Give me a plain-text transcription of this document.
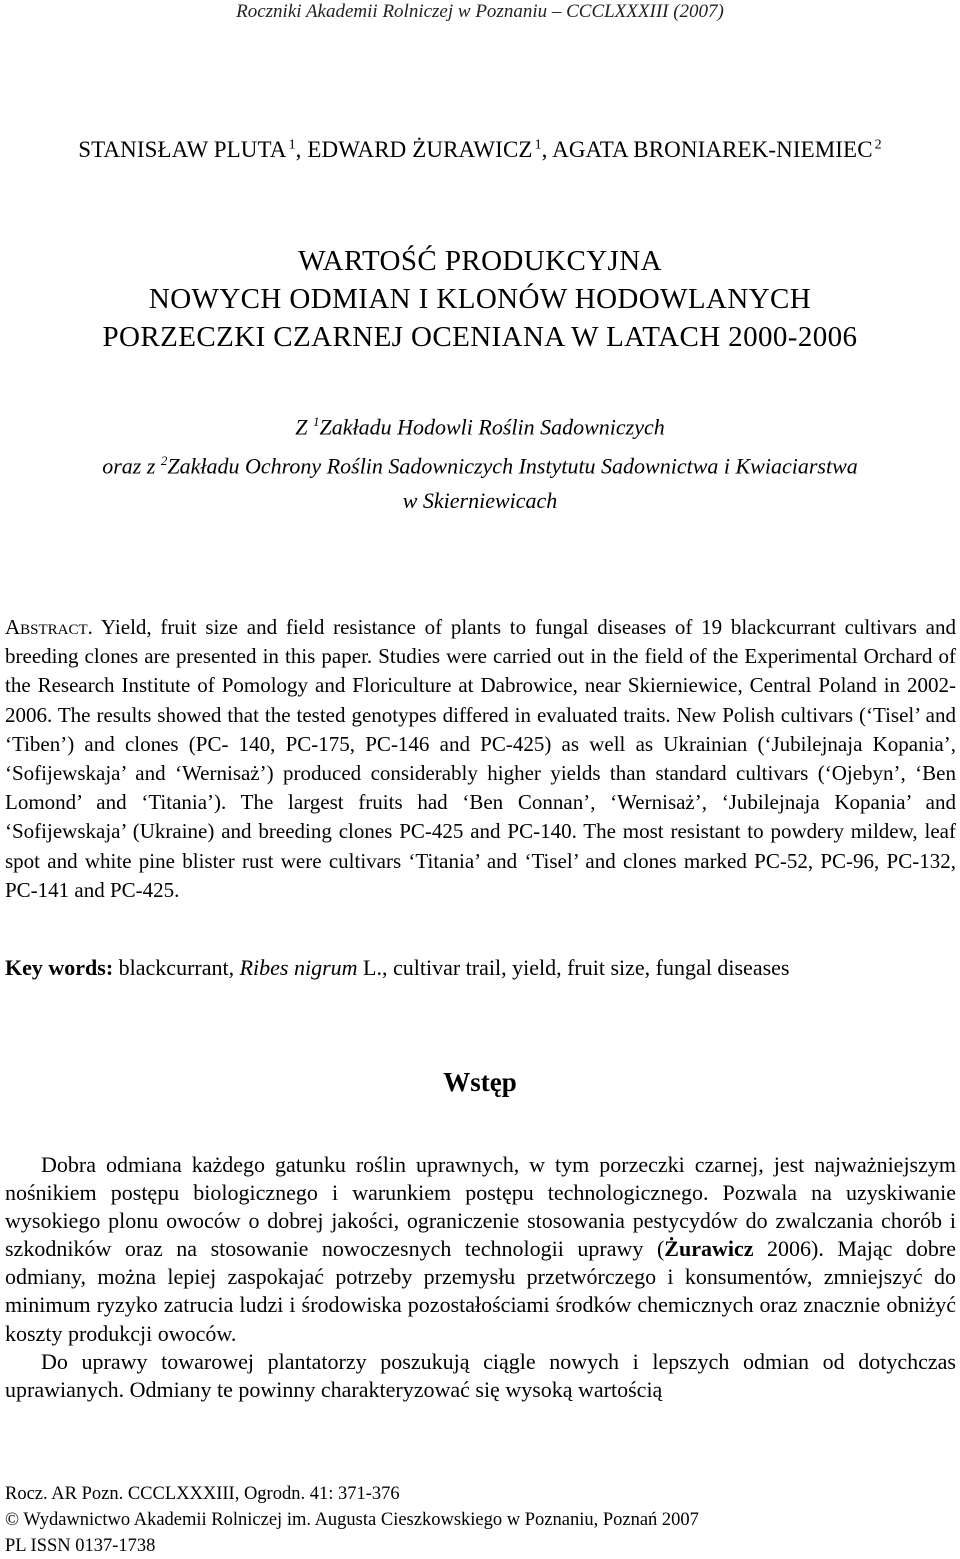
Roczniki Akademii Rolniczej w Poznaniu – CCCLXXXIII (2007)
STANISŁAW PLUTA  $^1$, EDWARD ŻURAWICZ  $^1$, AGATA BRONIAREK-NIEMIEC  $^2$
WARTOŚĆ PRODUKCYJNA
NOWYCH ODMIAN I KLONÓW HODOWLANYCH
PORZECZKI CZARNEJ OCENIANA W LATACH 2000-2006
Z $^1$Zakładu Hodowli Roślin Sadowniczych
oraz z $^2$Zakładu Ochrony Roślin Sadowniczych Instytutu Sadownictwa i Kwiaciarstwa
w Skierniewicach
Abstract. Yield, fruit size and field resistance of plants to fungal diseases of 19 blackcurrant cultivars and breeding clones are presented in this paper. Studies were carried out in the field of the Experimental Orchard of the Research Institute of Pomology and Floriculture at Dabrowice, near Skierniewice, Central Poland in 2002-2006. The results showed that the tested genotypes differed in evaluated traits. New Polish cultivars (‘Tisel’ and ‘Tiben’) and clones (PC- 140, PC-175, PC-146 and PC-425) as well as Ukrainian (‘Jubilejnaja Kopania’, ‘Sofijewskaja’ and ‘Wernisaż’) produced considerably higher yields than standard cultivars (‘Ojebyn’, ‘Ben Lomond’ and ‘Titania’). The largest fruits had ‘Ben Connan’, ‘Wernisaż’, ‘Jubilejnaja Kopania’ and ‘Sofijewskaja’ (Ukraine) and breeding clones PC-425 and PC-140. The most resistant to powdery mildew, leaf spot and white pine blister rust were cultivars ‘Titania’ and ‘Tisel’ and clones marked PC-52, PC-96, PC-132, PC-141 and PC-425.
Key words: blackcurrant, Ribes nigrum L., cultivar trail, yield, fruit size, fungal diseases
Wstęp

Dobra odmiana każdego gatunku roślin uprawnych, w tym porzeczki czarnej, jest najważniejszym nośnikiem postępu biologicznego i warunkiem postępu technologicznego. Pozwala na uzyskiwanie wysokiego plonu owoców o dobrej jakości, ograniczenie stosowania pestycydów do zwalczania chorób i szkodników oraz na stosowanie nowoczesnych technologii uprawy (Żurawicz 2006). Mając dobre odmiany, można lepiej zaspokajać potrzeby przemysłu przetwórczego i konsumentów, zmniejszyć do minimum ryzyko zatrucia ludzi i środowiska pozostałościami środków chemicznych oraz znacznie obniżyć koszty produkcji owoców.

Do uprawy towarowej plantatorzy poszukują ciągle nowych i lepszych odmian od dotychczas uprawianych. Odmiany te powinny charakteryzować się wysoką wartością

Rocz. AR Pozn. CCCLXXXIII, Ogrodn. 41: 371-376
© Wydawnictwo Akademii Rolniczej im. Augusta Cieszkowskiego w Poznaniu, Poznań 2007
PL ISSN 0137-1738
